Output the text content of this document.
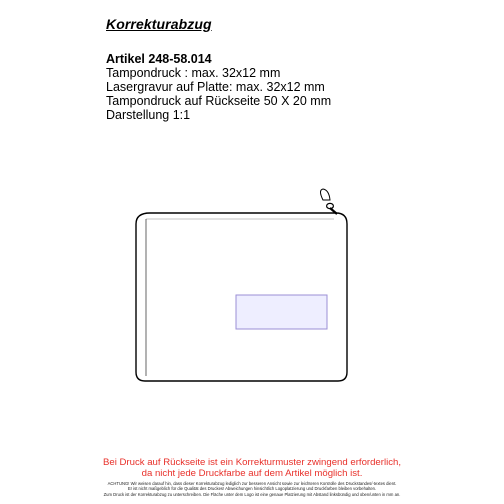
Korrekturabzug
Artikel 248-58.014
Tampondruck : max. 32x12 mm
Lasergravur auf Platte: max. 32x12 mm
Tampondruck auf Rückseite 50 X 20 mm
Darstellung 1:1
Bei Druck auf Rückseite ist ein Korrekturmuster zwingend erforderlich,
da nicht jede Druckfarbe auf dem Artikel möglich ist.
ACHTUNG! Wir weisen darauf hin, dass dieser Korrekturabzug lediglich zur besseren Ansicht sowie zur leichteren Kontrolle des Druckstandes/-textes dient.
Er ist nicht maßgeblich für die Qualität des Druckes! Abweichungen hinsichtlich Logoplatzierung und Druckfarben bleiben vorbehalten.
Zum Druck ist der Korrekturabzug zu unterschreiben. Die Fläche unter dem Logo ist eine genaue Platzierung mit Abstand linksbündig und oben/unten in mm an.
